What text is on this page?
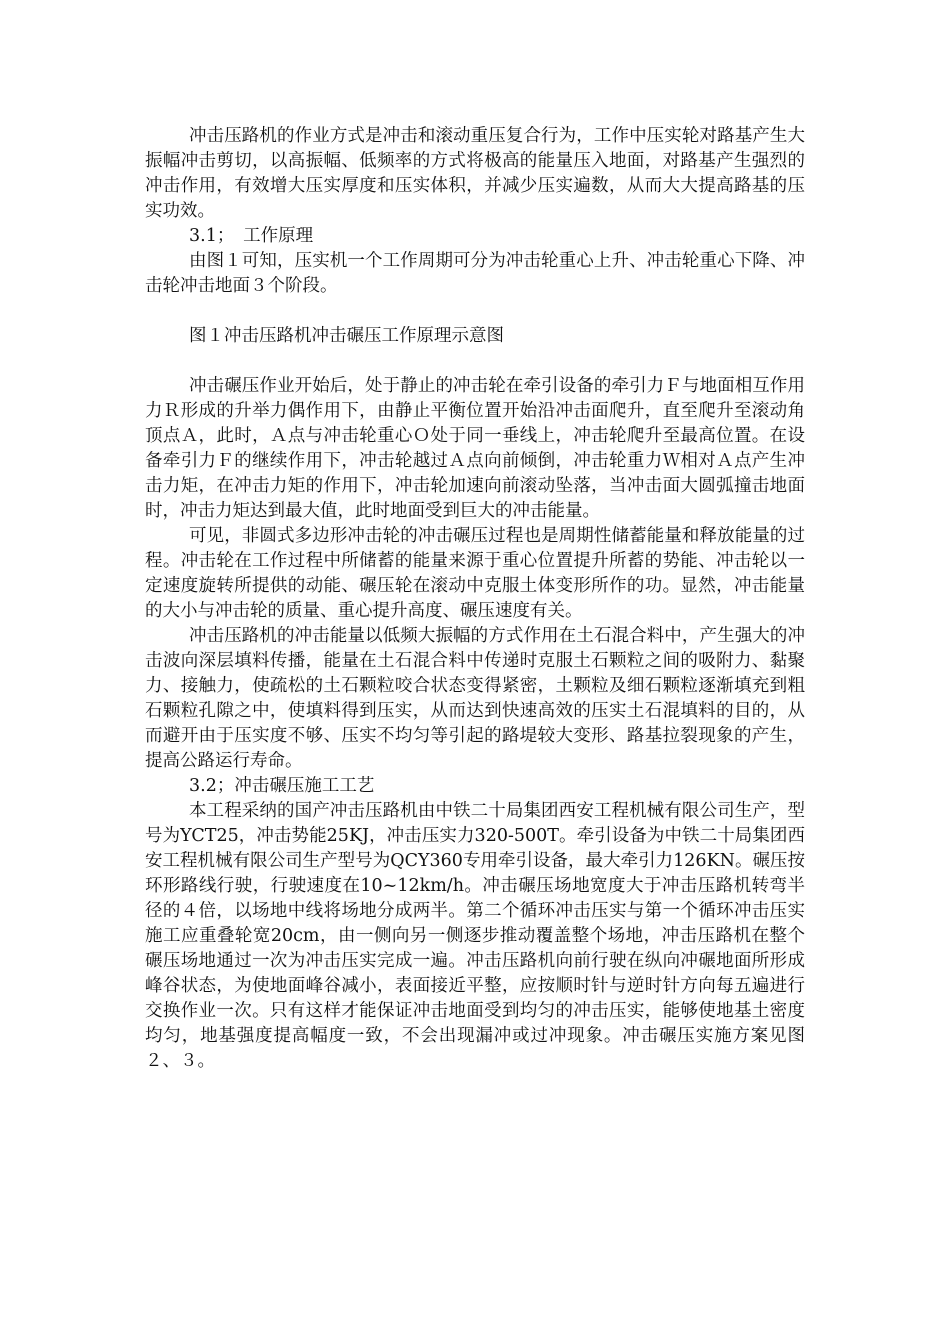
冲击压路机的作业方式是冲击和滚动重压复合行为，工作中压实轮对路基产生大振幅冲击剪切，以高振幅、低频率的方式将极高的能量压入地面，对路基产生强烈的冲击作用，有效增大压实厚度和压实体积，并减少压实遍数，从而大大提高路基的压实功效。

3.1；　工作原理

由图１可知，压实机一个工作周期可分为冲击轮重心上升、冲击轮重心下降、冲击轮冲击地面３个阶段。

图１冲击压路机冲击碾压工作原理示意图

冲击碾压作业开始后，处于静止的冲击轮在牵引设备的牵引力Ｆ与地面相互作用力Ｒ形成的升举力偶作用下，由静止平衡位置开始沿冲击面爬升，直至爬升至滚动角顶点Ａ，此时，Ａ点与冲击轮重心Ｏ处于同一垂线上，冲击轮爬升至最高位置。在设备牵引力Ｆ的继续作用下，冲击轮越过Ａ点向前倾倒，冲击轮重力Ｗ相对Ａ点产生冲击力矩，在冲击力矩的作用下，冲击轮加速向前滚动坠落，当冲击面大圆弧撞击地面时，冲击力矩达到最大值，此时地面受到巨大的冲击能量。

可见，非圆式多边形冲击轮的冲击碾压过程也是周期性储蓄能量和释放能量的过程。冲击轮在工作过程中所储蓄的能量来源于重心位置提升所蓄的势能、冲击轮以一定速度旋转所提供的动能、碾压轮在滚动中克服土体变形所作的功。显然，冲击能量的大小与冲击轮的质量、重心提升高度、碾压速度有关。

冲击压路机的冲击能量以低频大振幅的方式作用在土石混合料中，产生强大的冲击波向深层填料传播，能量在土石混合料中传递时克服土石颗粒之间的吸附力、黏聚力、接触力，使疏松的土石颗粒咬合状态变得紧密，土颗粒及细石颗粒逐渐填充到粗石颗粒孔隙之中，使填料得到压实，从而达到快速高效的压实土石混填料的目的，从而避开由于压实度不够、压实不均匀等引起的路堤较大变形、路基拉裂现象的产生，提高公路运行寿命。

3.2；冲击碾压施工工艺

本工程采纳的国产冲击压路机由中铁二十局集团西安工程机械有限公司生产，型号为YCT25，冲击势能25KJ，冲击压实力320-500T。牵引设备为中铁二十局集团西安工程机械有限公司生产型号为QCY360专用牵引设备，最大牵引力126KN。碾压按环形路线行驶，行驶速度在10~12km/h。冲击碾压场地宽度大于冲击压路机转弯半径的４倍，以场地中线将场地分成两半。第二个循环冲击压实与第一个循环冲击压实施工应重叠轮宽20cm，由一侧向另一侧逐步推动覆盖整个场地，冲击压路机在整个碾压场地通过一次为冲击压实完成一遍。冲击压路机向前行驶在纵向冲碾地面所形成峰谷状态，为使地面峰谷减小，表面接近平整，应按顺时针与逆时针方向每五遍进行交换作业一次。只有这样才能保证冲击地面受到均匀的冲击压实，能够使地基土密度均匀，地基强度提高幅度一致，不会出现漏冲或过冲现象。冲击碾压实施方案见图２、３。
